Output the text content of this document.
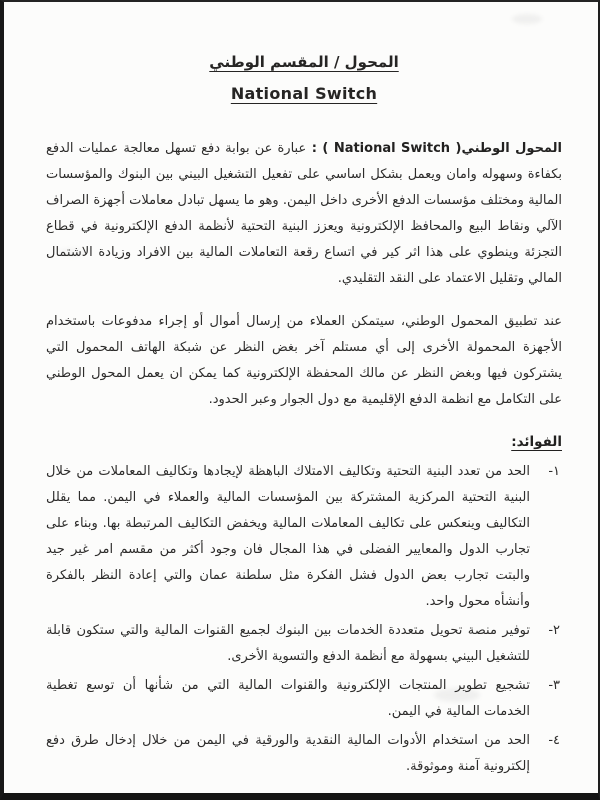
المحول / المقسم الوطني
National Switch

المحول الوطني( National Switch ) : عبارة عن بوابة دفع تسهل معالجة عمليات الدفع بكفاءة وسهوله وامان ويعمل بشكل اساسي على تفعيل التشغيل البيني بين البنوك والمؤسسات المالية ومختلف مؤسسات الدفع الأخرى داخل اليمن. وهو ما يسهل تبادل معاملات أجهزة الصراف الآلي ونقاط البيع والمحافظ الإلكترونية ويعزز البنية التحتية لأنظمة الدفع الإلكترونية في قطاع التجزئة وينطوي على هذا اثر كير في اتساع رقعة التعاملات المالية بين الافراد وزيادة الاشتمال المالي وتقليل الاعتماد على النقد التقليدي.

عند تطبيق المحمول الوطني، سيتمكن العملاء من إرسال أموال أو إجراء مدفوعات باستخدام الأجهزة المحمولة الأخرى إلى أي مستلم آخر بغض النظر عن شبكة الهاتف المحمول التي يشتركون فيها وبغض النظر عن مالك المحفظة الإلكترونية كما يمكن ان يعمل المحول الوطني على التكامل مع انظمة الدفع الإقليمية مع دول الجوار وعبر الحدود.

الفوائد:
١-
الحد من تعدد البنية التحتية وتكاليف الامتلاك الباهظة لإيجادها وتكاليف المعاملات من خلال البنية التحتية المركزية المشتركة بين المؤسسات المالية والعملاء في اليمن. مما يقلل التكاليف وينعكس على تكاليف المعاملات المالية ويخفض التكاليف المرتبطة بها. وبناء على تجارب الدول والمعايير الفضلى في هذا المجال فان وجود أكثر من مقسم امر غير جيد والبتت تجارب بعض الدول فشل الفكرة مثل سلطنة عمان والتي إعادة النظر بالفكرة وأنشأه محول واحد.
٢-
توفير منصة تحويل متعددة الخدمات بين البنوك لجميع القنوات المالية والتي ستكون قابلة للتشغيل البيني بسهولة مع أنظمة الدفع والتسوية الأخرى.
٣-
تشجيع تطوير المنتجات الإلكترونية والقنوات المالية التي من شأنها أن توسع تغطية الخدمات المالية في اليمن.
٤-
الحد من استخدام الأدوات المالية النقدية والورقية في اليمن من خلال إدخال طرق دفع إلكترونية آمنة وموثوقة.
